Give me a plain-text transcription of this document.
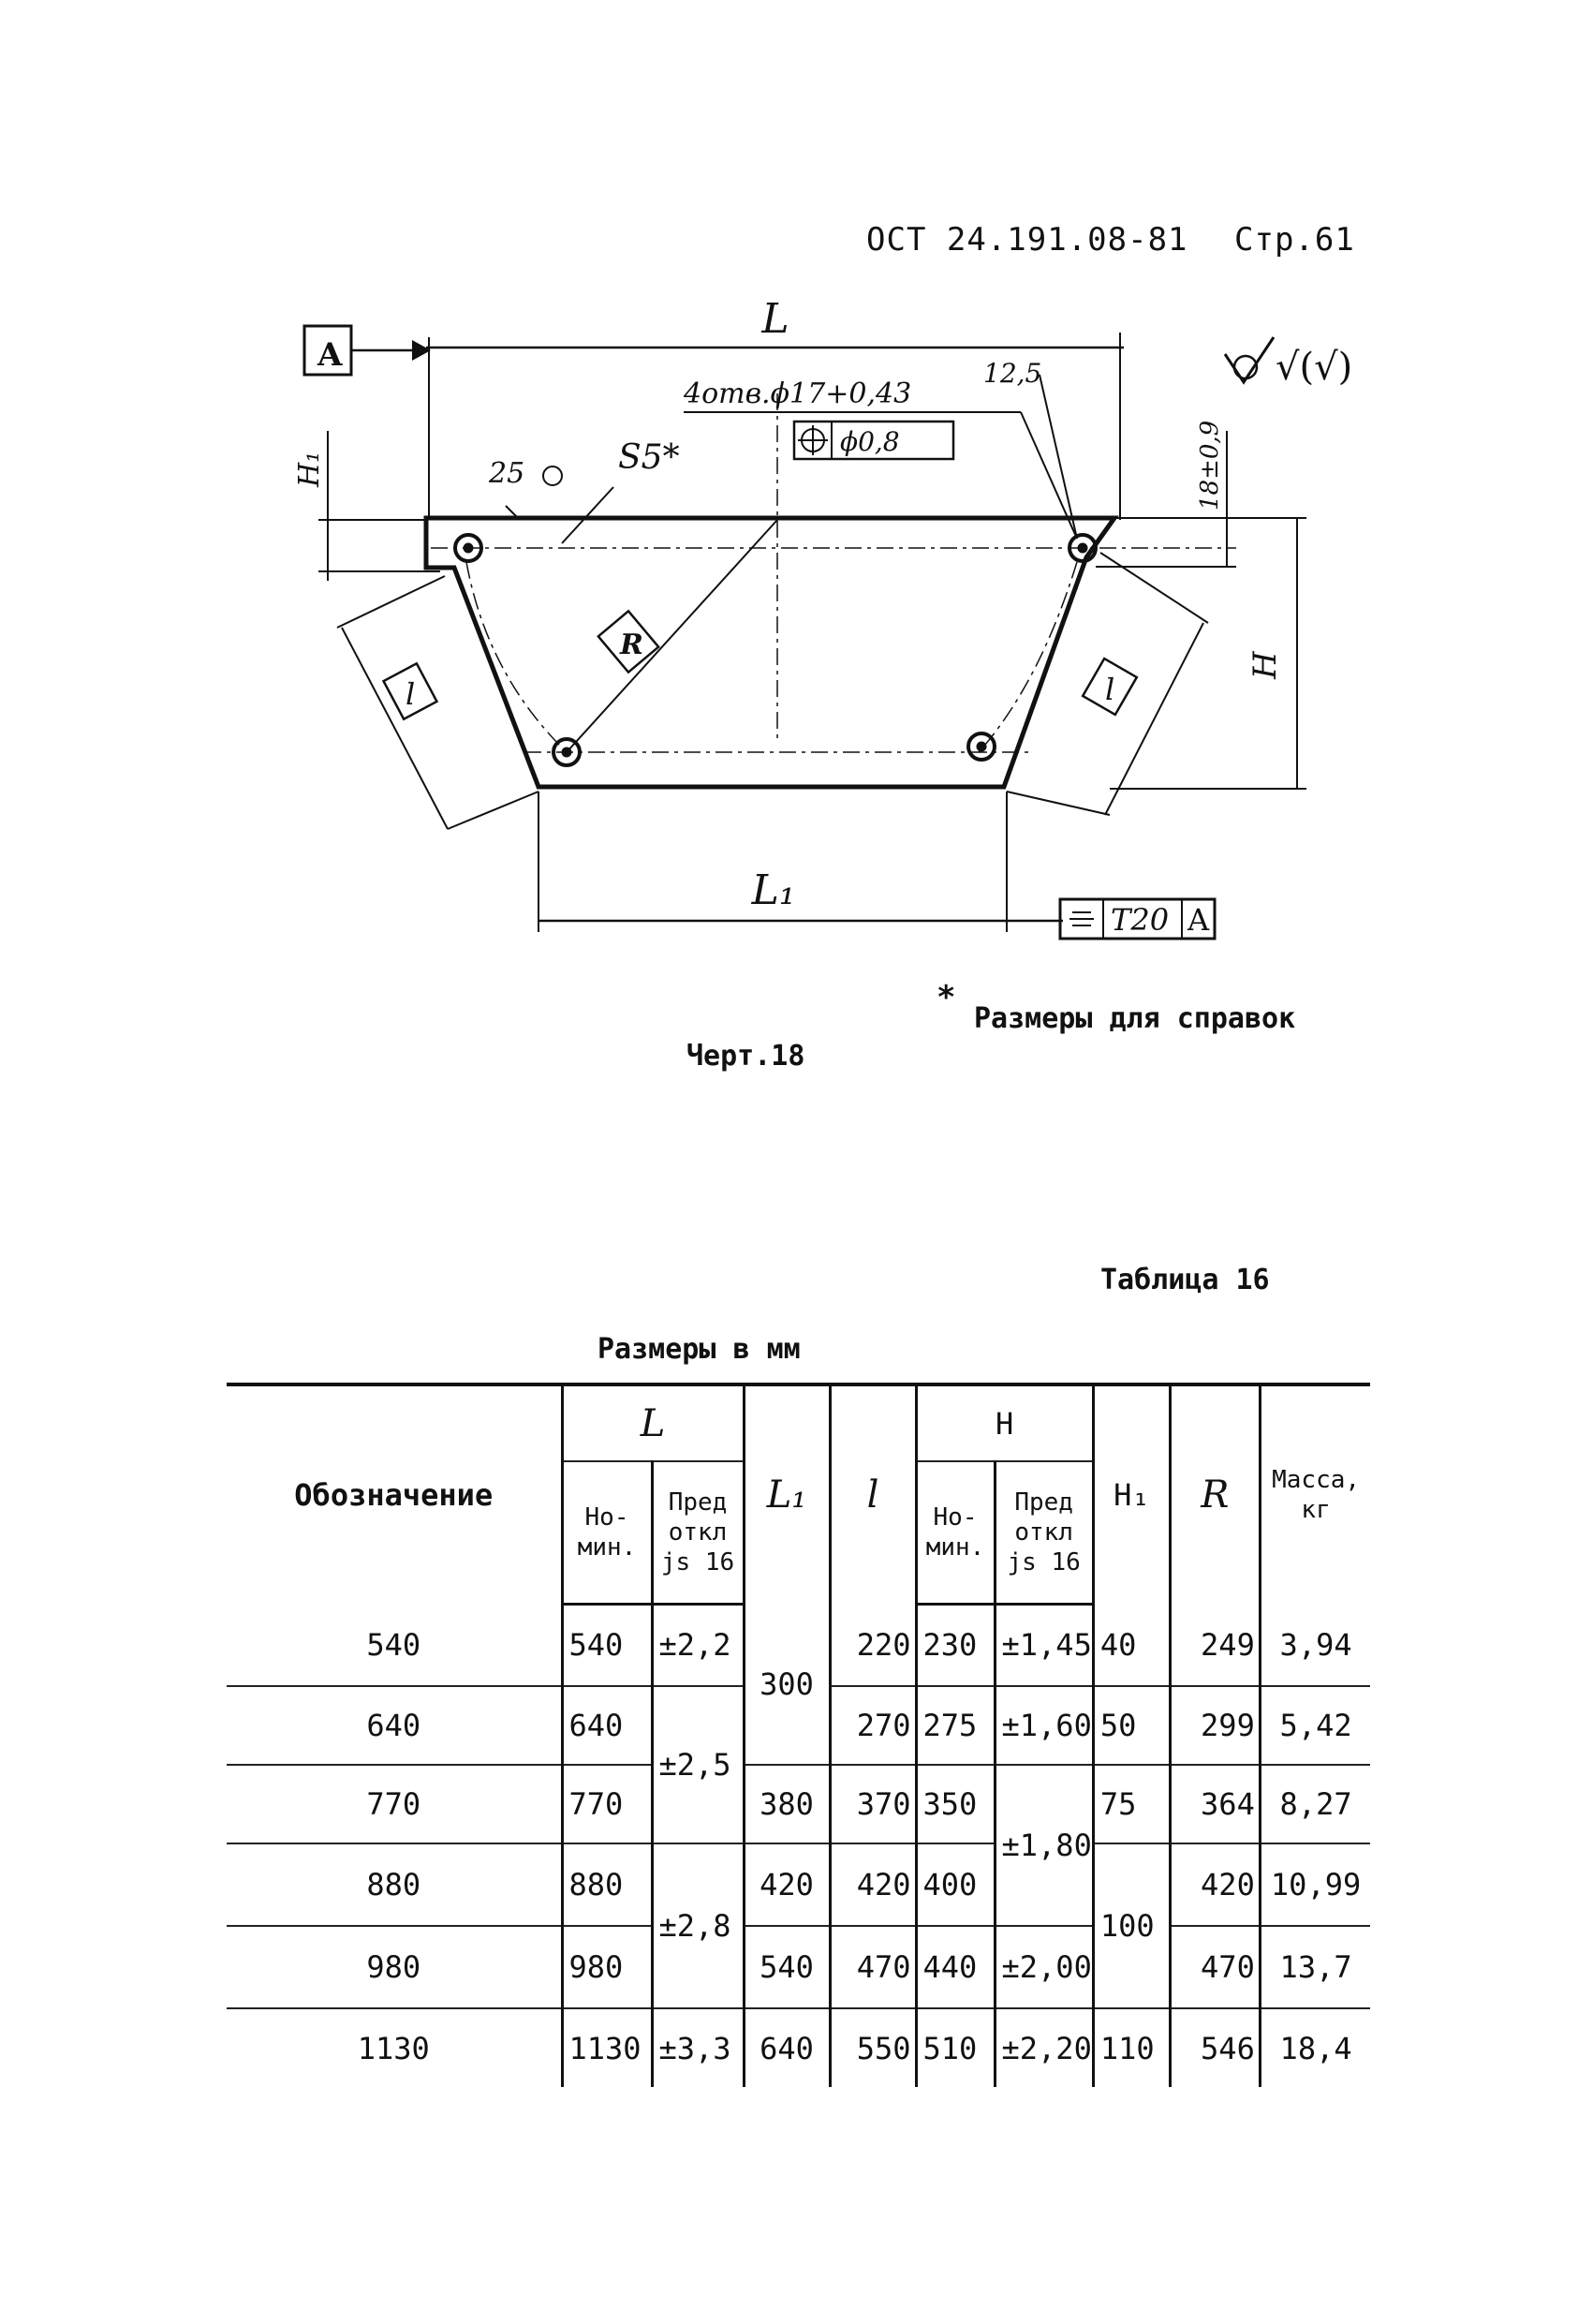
ОСТ 24.191.08-81 Стр.61
A
L
L₁
H
H₁
l	l
R
4отв.ϕ17+0,43
ϕ0,8
12,5
25	S5*	18±0,9
T20 A
√(√)
*
Размеры для справок
Черт.18
Таблица 16
Размеры в мм
Обозначение	L		L₁	l	H		H₁	R	Масса,
кг
	Но-
мин.	Пред
откл
js 16			Но-
мин.	Пред
откл
js 16			
540	540	±2,2	300	220	230	±1,45	40	249	3,94
640	640	±2,5		270	275	±1,60	50	299	5,42
770	770		380	370	350	±1,80	75	364	8,27
880	880	±2,8	420	420	400		100	420	10,99
980	980		540	470	440	±2,00		470	13,7
1130	1130	±3,3	640	550	510	±2,20	110	546	18,4
